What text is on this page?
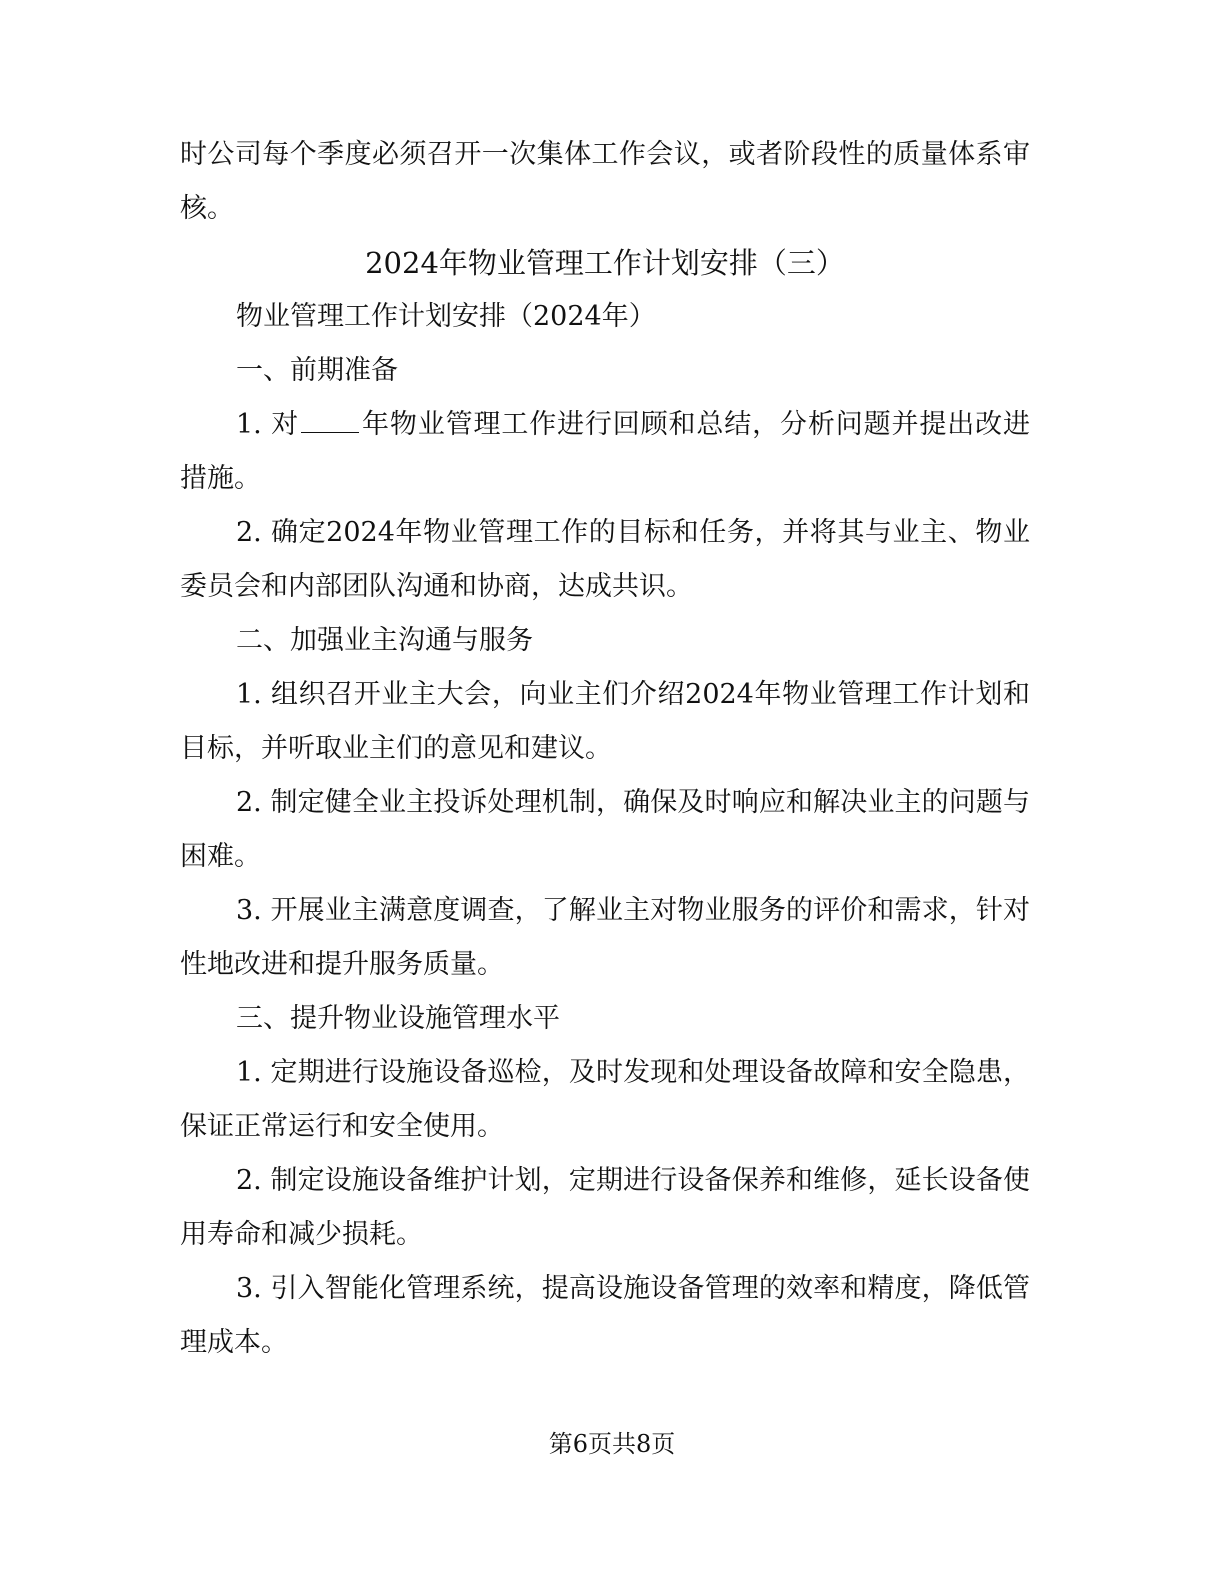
时公司每个季度必须召开一次集体工作会议，或者阶段性的质量体系审核。

2024年物业管理工作计划安排（三）

物业管理工作计划安排（2024年）

一、前期准备

1. 对 年物业管理工作进行回顾和总结，分析问题并提出改进措施。

2. 确定2024年物业管理工作的目标和任务，并将其与业主、物业委员会和内部团队沟通和协商，达成共识。

二、加强业主沟通与服务

1. 组织召开业主大会，向业主们介绍2024年物业管理工作计划和目标，并听取业主们的意见和建议。

2. 制定健全业主投诉处理机制，确保及时响应和解决业主的问题与困难。

3. 开展业主满意度调查，了解业主对物业服务的评价和需求，针对性地改进和提升服务质量。

三、提升物业设施管理水平

1. 定期进行设施设备巡检，及时发现和处理设备故障和安全隐患，保证正常运行和安全使用。

2. 制定设施设备维护计划，定期进行设备保养和维修，延长设备使用寿命和减少损耗。

3. 引入智能化管理系统，提高设施设备管理的效率和精度，降低管理成本。

第6页共8页
